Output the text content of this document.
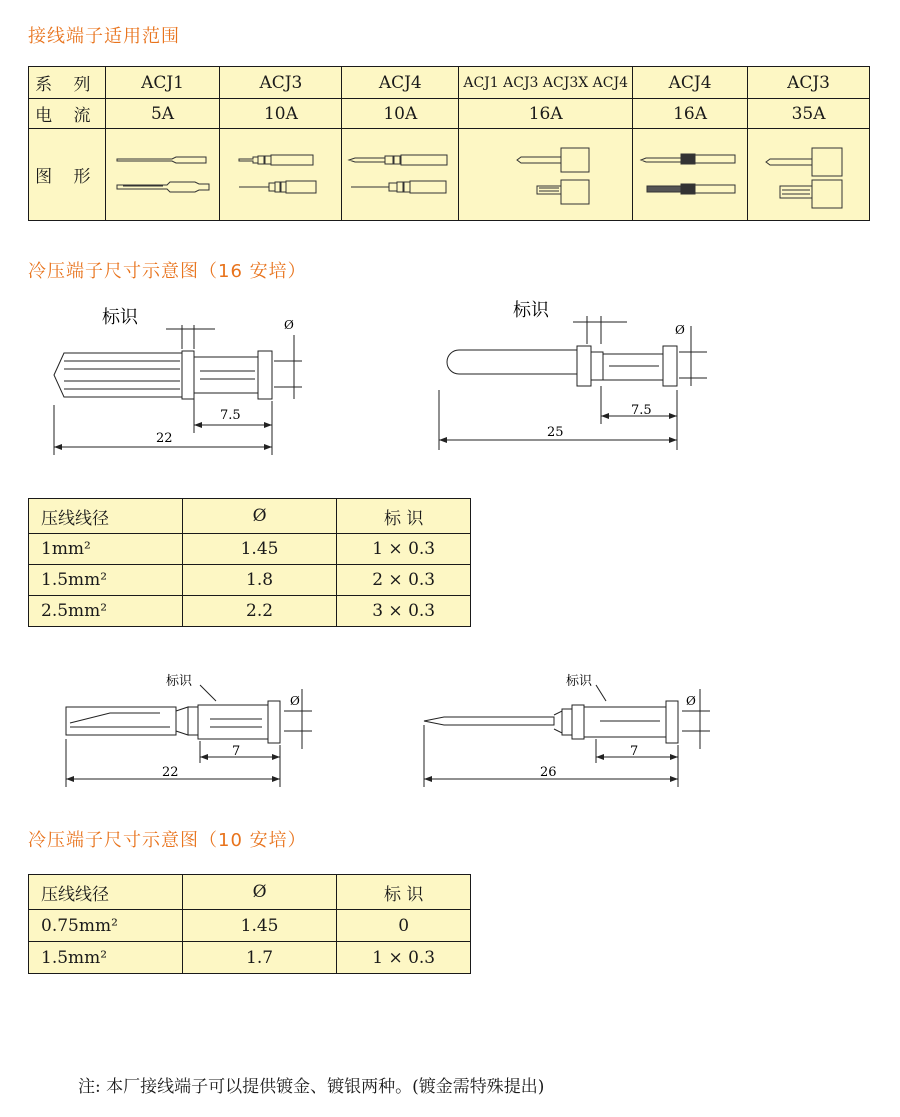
接线端子适用范围
系 列	ACJ1	ACJ3	ACJ4	ACJ1 ACJ3 ACJ3X ACJ4	ACJ4	ACJ3
电 流	5A	10A	10A	16A	16A	35A
图 形	

冷压端子尺寸示意图（16 安培）
标识	Ø
7.5
22
标识
Ø
7.5
25
压线线径	Ø	标 识
1mm²	1.45	1 × 0.3
1.5mm²	1.8	2 × 0.3
2.5mm²	2.2	3 × 0.3
标识
Ø
7
22
标识
Ø
7
26
冷压端子尺寸示意图（10 安培）
压线线径	Ø	标 识
0.75mm²	1.45	0
1.5mm²	1.7	1 × 0.3
注: 本厂接线端子可以提供镀金、镀银两种。(镀金需特殊提出)
